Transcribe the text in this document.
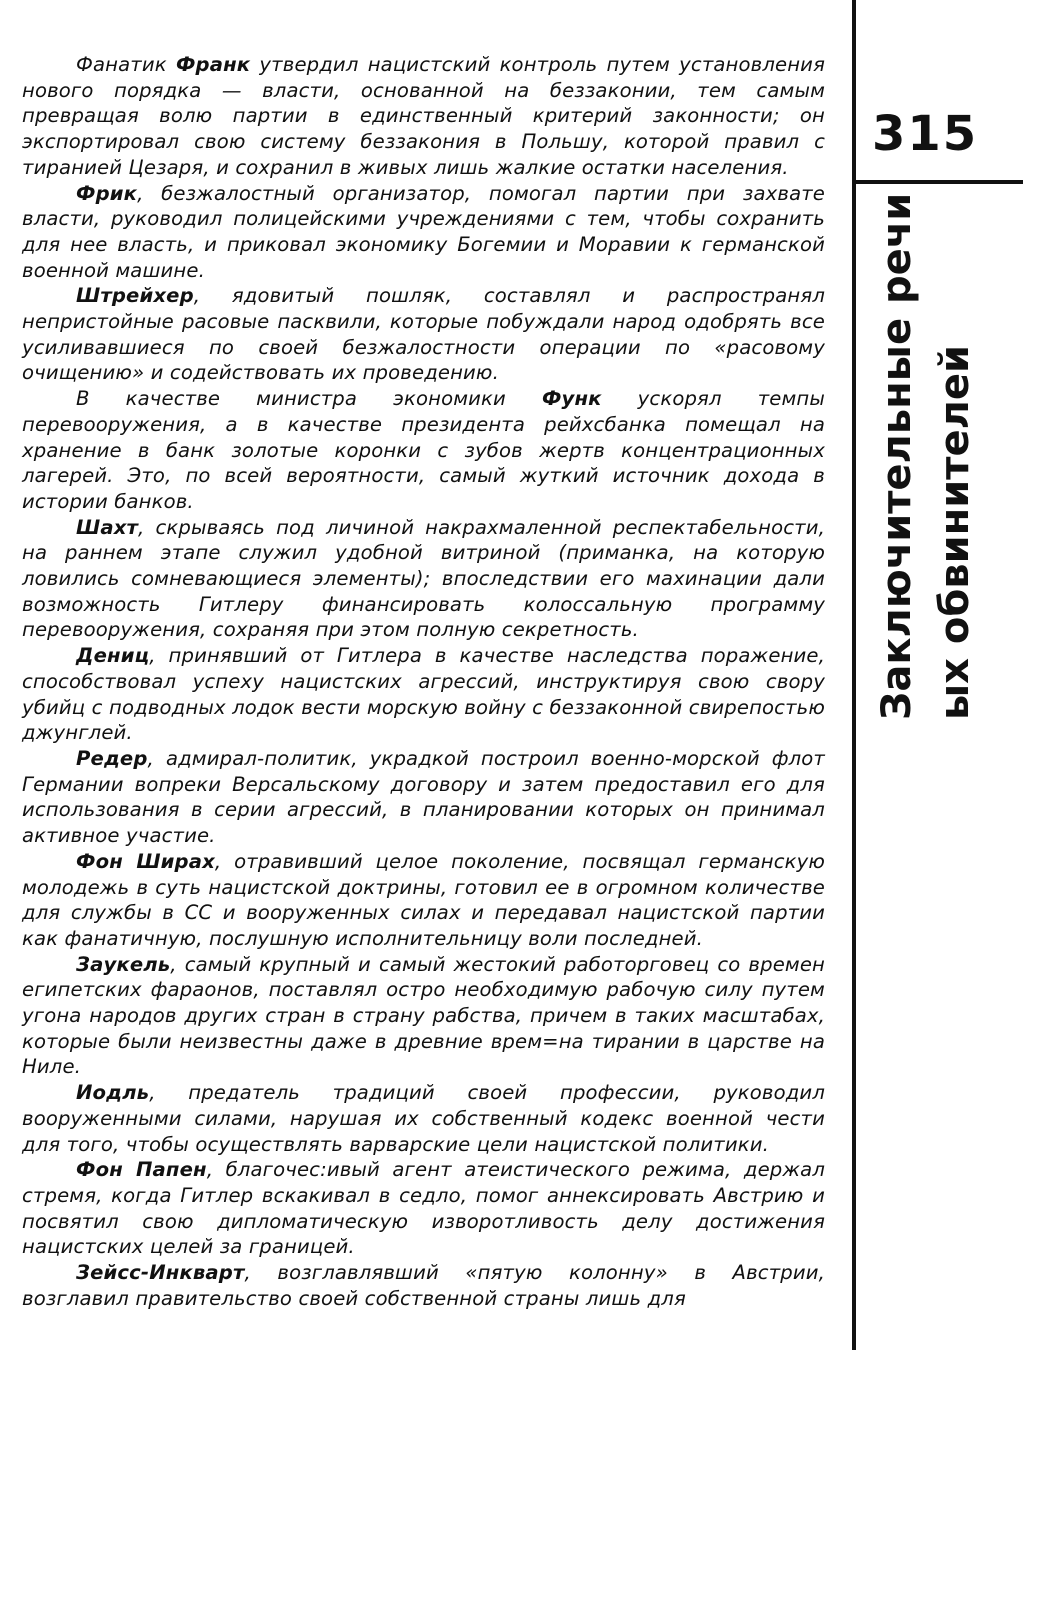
Фанатик Франк утвердил нацистский контроль путем установления нового порядка — власти, основанной на беззаконии, тем самым превращая волю партии в единственный критерий законности; он экспортировал свою систему беззакония в Польшу, которой правил с тиранией Цезаря, и сохранил в живых лишь жалкие остатки населения.

Фрик, безжалостный организатор, помогал партии при захвате власти, руководил полицейскими учреждениями с тем, чтобы сохранить для нее власть, и приковал экономику Богемии и Моравии к германской военной машине.

Штрейхер, ядовитый пошляк, составлял и распространял непристойные расовые пасквили, которые побуждали народ одобрять все усиливавшиеся по своей безжалостности операции по «расовому очищению» и содействовать их проведению.

В качестве министра экономики Функ ускорял темпы перевооружения, а в качестве президента рейхсбанка помещал на хранение в банк золотые коронки с зубов жертв концентрационных лагерей. Это, по всей вероятности, самый жуткий источник дохода в истории банков.

Шахт, скрываясь под личиной накрахмаленной респектабельности, на раннем этапе служил удобной витриной (приманка, на которую ловились сомневающиеся элементы); впоследствии его махинации дали возможность Гитлеру финансировать колоссальную программу перевооружения, сохраняя при этом полную секретность.

Дениц, принявший от Гитлера в качестве наследства поражение, способствовал успеху нацистских агрессий, инструктируя свою свору убийц с подводных лодок вести морскую войну с беззаконной свирепостью джунглей.

Редер, адмирал-политик, украдкой построил военно-морской флот Германии вопреки Версальскому договору и затем предоставил его для использования в серии агрессий, в планировании которых он принимал активное участие.

Фон Ширах, отравивший целое поколение, посвящал германскую молодежь в суть нацистской доктрины, готовил ее в огромном количестве для службы в СС и вооруженных силах и передавал нацистской партии как фанатичную, послушную исполнительницу воли последней.

Заукель, самый крупный и самый жестокий работорговец со времен египетских фараонов, поставлял остро необходимую рабочую силу путем угона народов других стран в страну рабства, причем в таких масштабах, которые были неизвестны даже в древние врем=на тирании в царстве на Ниле.

Иодль, предатель традиций своей профессии, руководил вооруженными силами, нарушая их собственный кодекс военной чести для того, чтобы осуществлять варварские цели нацистской политики.

Фон Папен, благочес:ивый агент атеистического режима, держал стремя, когда Гитлер вскакивал в седло, помог аннексировать Австрию и посвятил свою дипломатическую изворотливость делу достижения нацистских целей за границей.

Зейсс-Инкварт, возглавлявший «пятую колонну» в Австрии, возглавил правительство своей собственной страны лишь для

315
Заключительные речи ых обвинителей
